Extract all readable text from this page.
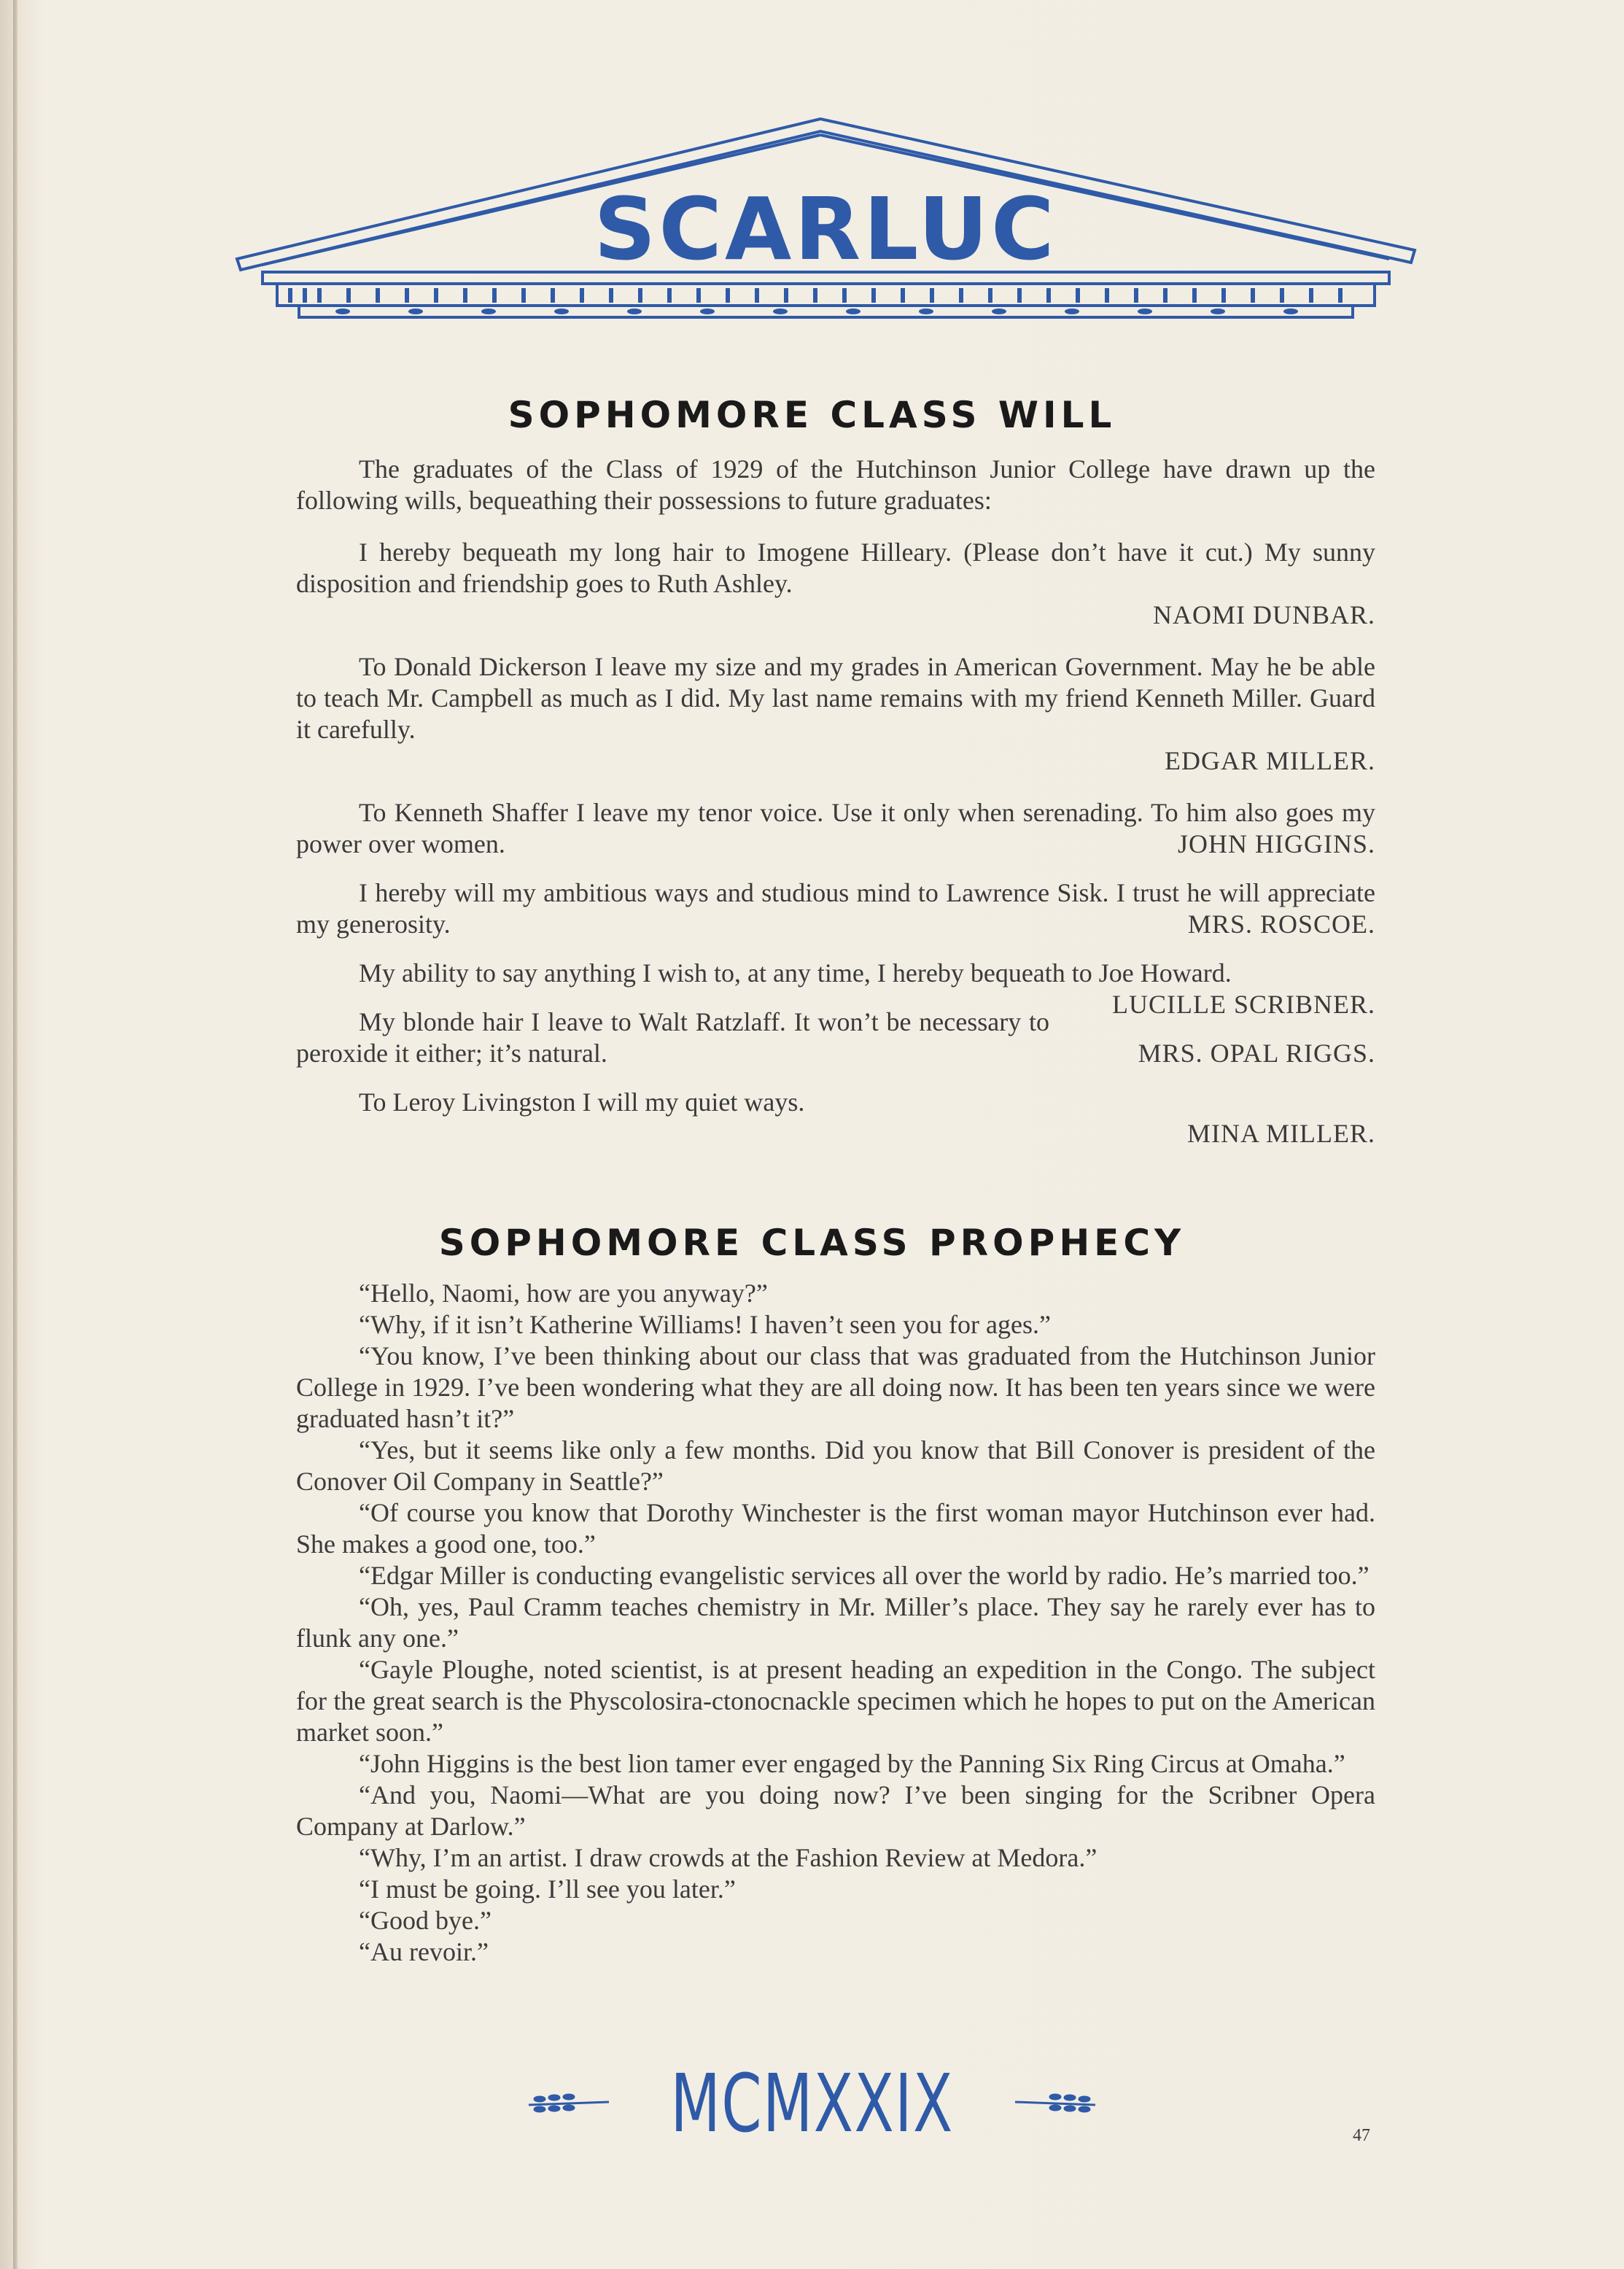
SCARLUC
SOPHOMORE CLASS WILL

The graduates of the Class of 1929 of the Hutchinson Junior College have drawn up the following wills, bequeathing their possessions to future graduates:

I hereby bequeath my long hair to Imogene Hilleary. (Please don’t have it cut.) My sunny disposition and friendship goes to Ruth Ashley.

NAOMI DUNBAR.

To Donald Dickerson I leave my size and my grades in American Government. May he be able to teach Mr. Campbell as much as I did. My last name remains with my friend Kenneth Miller. Guard it carefully.

EDGAR MILLER.

To Kenneth Shaffer I leave my tenor voice. Use it only when serenading. To him also goes my power over women.	JOHN HIGGINS.

I hereby will my ambitious ways and studious mind to Lawrence Sisk. I trust he will appreciate my generosity.	MRS. ROSCOE.

My ability to say anything I wish to, at any time, I hereby bequeath to Joe Howard.
LUCILLE SCRIBNER.

My blonde hair I leave to Walt Ratzlaff. It won’t be necessary to peroxide it either; it’s natural.	MRS. OPAL RIGGS.

To Leroy Livingston I will my quiet ways.

MINA MILLER.

SOPHOMORE CLASS PROPHECY

“Hello, Naomi, how are you anyway?”

“Why, if it isn’t Katherine Williams! I haven’t seen you for ages.”

“You know, I’ve been thinking about our class that was graduated from the Hutchinson Junior College in 1929. I’ve been wondering what they are all doing now. It has been ten years since we were graduated hasn’t it?”

“Yes, but it seems like only a few months. Did you know that Bill Conover is president of the Conover Oil Company in Seattle?”

“Of course you know that Dorothy Winchester is the first woman mayor Hutchinson ever had. She makes a good one, too.”

“Edgar Miller is conducting evangelistic services all over the world by radio. He’s married too.”

“Oh, yes, Paul Cramm teaches chemistry in Mr. Miller’s place. They say he rarely ever has to flunk any one.”

“Gayle Ploughe, noted scientist, is at present heading an expedition in the Congo. The subject for the great search is the Physcolosira-ctonocnackle specimen which he hopes to put on the American market soon.”

“John Higgins is the best lion tamer ever engaged by the Panning Six Ring Circus at Omaha.”

“And you, Naomi—What are you doing now? I’ve been singing for the Scribner Opera Company at Darlow.”

“Why, I’m an artist. I draw crowds at the Fashion Review at Medora.”

“I must be going. I’ll see you later.”

“Good bye.”

“Au revoir.”

MCMXXIX	47
